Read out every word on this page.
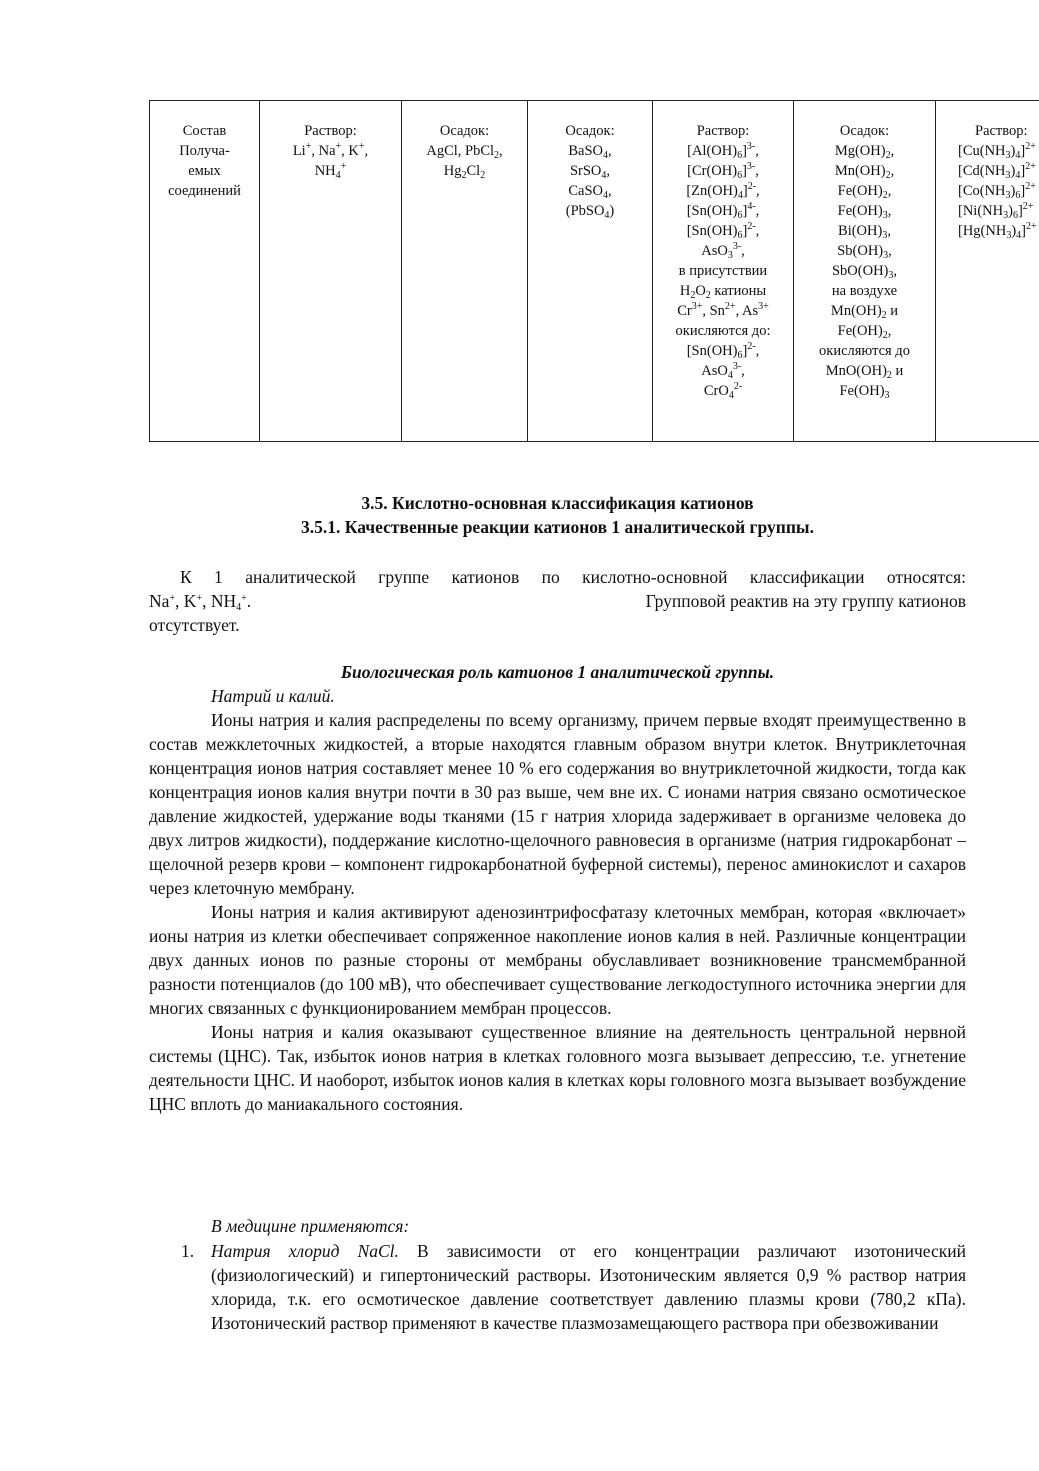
Состав
Получа-
емых
соединений
Раствор:
Li+, Na+, K+,
$NH_4^+$
Осадок:
AgCl, PbCl$_2$,
$Hg_2Cl_2$
Осадок:
BaSO$_4$,
SrSO$_4$,
CaSO$_4$,
(PbSO$_4$)
Раствор:
$[Al(OH)_6]^{3-}$,
$[Cr(OH)_6]^{3-}$,
$[Zn(OH)_4]^{2-}$,
$[Sn(OH)_6]^{4-}$,
$[Sn(OH)_6]^{2-}$,
AsO$_3^{3-}$,
в присутствии
$H_2O_2$ катионы
$Cr^{3+}$, $Sn^{2+}$, $As^{3+}$
окисляются до:
$[Sn(OH)_6]^{2-}$,
AsO$_4^{3-}$,
CrO$_4^{2-}$
Осадок:
$Mg(OH)_2$,
$Mn(OH)_2$,
$Fe(OH)_2$,
$Fe(OH)_3$,
$Bi(OH)_3$,
$Sb(OH)_3$,
$SbO(OH)_3$,
на воздухе
$Mn(OH)_2$ и
$Fe(OH)_2$,
окисляются до
$MnO(OH)_2$ и
$Fe(OH)_3$
Раствор:
$[Cu(NH_3)_4]^{2+}$
$[Cd(NH_3)_4]^{2+}$
$[Co(NH_3)_6]^{2+}$
$[Ni(NH_3)_6]^{2+}$
$[Hg(NH_3)_4]^{2+}$
3.5. Кислотно-основная классификация катионов
3.5.1. Качественные реакции катионов 1 аналитической группы.
К 1 аналитической группе катионов по кислотно-основной классификации относятся:
Na+, K+, $NH_4^+$.	Групповой реактив на эту группу катионов
отсутствует.
Биологическая роль катионов 1 аналитической группы.
Натрий и калий.

Ионы натрия и калия распределены по всему организму, причем первые входят преимущественно в состав межклеточных жидкостей, а вторые находятся главным образом внутри клеток. Внутриклеточная концентрация ионов натрия составляет менее 10 % его содержания во внутриклеточной жидкости, тогда как концентрация ионов калия внутри почти в 30 раз выше, чем вне их. С ионами натрия связано осмотическое давление жидкостей, удержание воды тканями (15 г натрия хлорида задерживает в организме человека до двух литров жидкости), поддержание кислотно-щелочного равновесия в организме (натрия гидрокарбонат – щелочной резерв крови – компонент гидрокарбонатной буферной системы), перенос аминокислот и сахаров через клеточную мембрану.

Ионы натрия и калия активируют аденозинтрифосфатазу клеточных мембран, которая «включает» ионы натрия из клетки обеспечивает сопряженное накопление ионов калия в ней. Различные концентрации двух данных ионов по разные стороны от мембраны обуславливает возникновение трансмембранной разности потенциалов (до 100 мВ), что обеспечивает существование легкодоступного источника энергии для многих связанных с функционированием мембран процессов.

Ионы натрия и калия оказывают существенное влияние на деятельность центральной нервной системы (ЦНС). Так, избыток ионов натрия в клетках головного мозга вызывает депрессию, т.е. угнетение деятельности ЦНС. И наоборот, избыток ионов калия в клетках коры головного мозга вызывает возбуждение ЦНС вплоть до маниакального состояния.

В медицине применяются:
1. Натрия хлорид NaCl. В зависимости от его концентрации различают изотонический (физиологический) и гипертонический растворы. Изотоническим является 0,9 % раствор натрия хлорида, т.к. его осмотическое давление соответствует давлению плазмы крови (780,2 кПа). Изотонический раствор применяют в качестве плазмозамещающего раствора при обезвоживании
